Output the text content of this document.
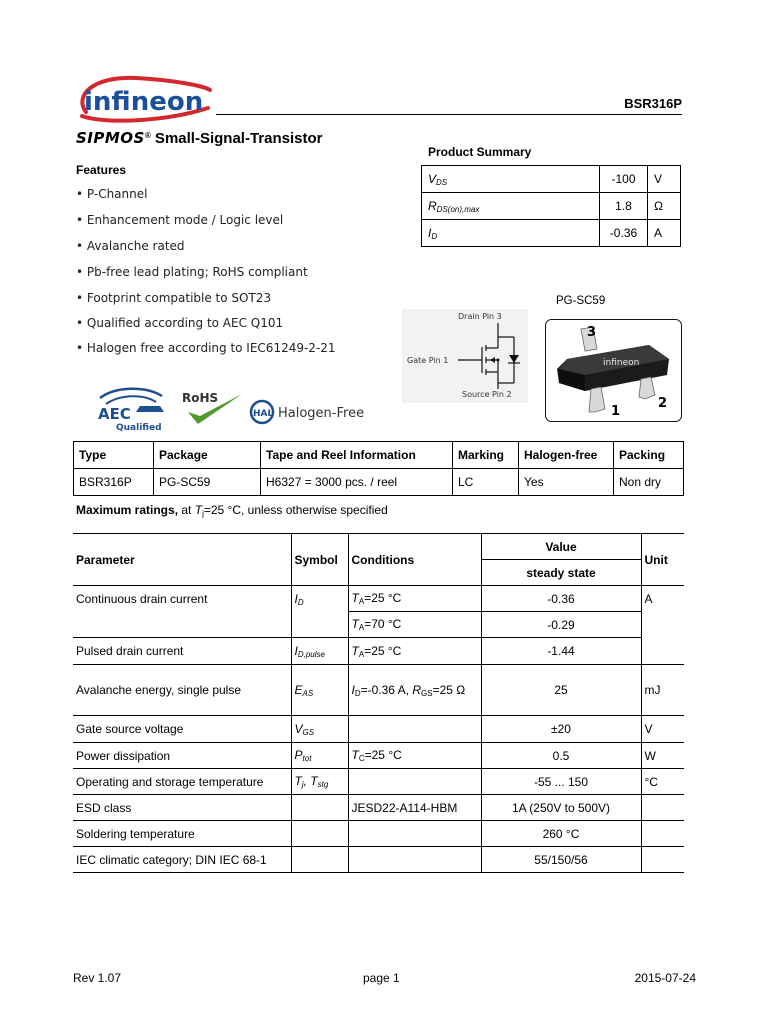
infineon	BSR316P
SIPMOS® Small-Signal-Transistor
Features
• P-Channel
• Enhancement mode / Logic level
• Avalanche rated
• Pb-free lead plating; RoHS compliant
• Footprint compatible to SOT23
• Qualified according to AEC Q101
• Halogen free according to IEC61249-2-21
Product Summary
$V_{DS}$	-100	V
$R_{DS(on),max}$	1.8	Ω
$I_D$	-0.36	A
PG-SC59
Drain Pin 3
Gate Pin 1
Source Pin 2
infineon
3
1
2
AEC
Qualified
RoHS
HAL Halogen-Free
Type	Package	Tape and Reel Information	Marking	Halogen-free	Packing
BSR316P	PG-SC59	H6327 = 3000 pcs. / reel	LC	Yes	Non dry
Maximum ratings, at $T_j=25$ °C, unless otherwise specified
Parameter	Symbol	Conditions	Value	Unit
			steady state	
Continuous drain current	$I_D$	$T_A=25$ °C	-0.36	A
		$T_A=70$ °C	-0.29	
Pulsed drain current	$I_{D,pulse}$	$T_A=25$ °C	-1.44	
Avalanche energy, single pulse	$E_{AS}$	$I_D=-0.36$ A, $R_{GS}=25$ Ω	25	mJ
Gate source voltage	$V_{GS}$		±20	V
Power dissipation	$P_{tot}$	$T_C=25$ °C	0.5	W
Operating and storage temperature	$T_j$, $T_{stg}$		-55 ... 150	°C
ESD class		JESD22-A114-HBM	1A (250V to 500V)	
Soldering temperature			260 °C	
IEC climatic category; DIN IEC 68-1			55/150/56	
Rev 1.07	page 1	2015-07-24
